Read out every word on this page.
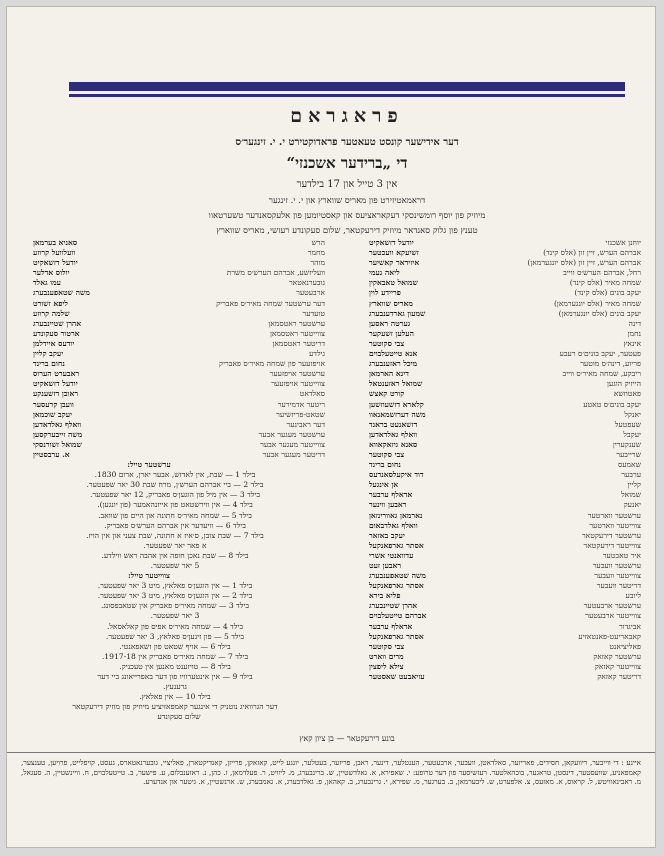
פראגראם
דער אידישער קונסט טעאטער פראדוקטירט י. י. זינגער׳ס
די „ברידער אשכנזי“
אין 3 טייל און 17 בילדער
דראמאטיזירט פון מאריס שווארץ און י. י. זינגער
מיוזיק פון יוסף רומשינסקי דעקאראציעס און קאסטיומען פון אלעקסאנדער טשערטאוו
טענץ פון גלוק סאנדאר מיוזיק דירעקטאר, שלום סעקונדע רעזשי, מאריס שווארץ
יוחנן אשכנזי
יודעל דזשאקיט
אברהם הערש, זיין זון (אלס קינד)
זשיעקא וועכטער
אברהם הערש, זיין זון (אלס יונגערמאן)
איזידאר קאשיער
רחל, אברהם הערש׳ס ווייב
ליאה נעמי
שמחה מאיר (אלס קינד)
שמואל טאבאקין
יעקב בונים (אלס קינד)
פריידע לוין
שמחה מאיר (אלס יונגערמאן)
מאריס שווארץ
יעקב בונים (אלס יונגערמאן)
שמעון גארדענבערג
דינה
גערטה ראסען
נחמן
העלען זשעקער
אינאץ
צבי סקוטער
פעטער, יעקב בונים׳ס רעבע
אנא טייטעלבוים
פריוע, דינה׳ס מוטער
מיכל ראזענבערג
ריבקע, שמחה מאיר׳ס ווייב
דינא הארמאן
הייזיק הוגען
שמואל ראזענטאל
פאטוזשא
קורט קאצש
יעקב בונים׳ס טאטע
קלארא דזשעוזשען
יאנקל
משה דערזשמאנאוו
שעפטעל
דזשאנעט בראנד
יעקבל
וואלף גאלדאדען
שענקערין
סאנא גיזאקאווא
שרייבער
צבי סקוטער
שאמעס
נחום ברינד
ערבער
דוד איקעלסאנדעס
קליין
אן אינגעל
שמואל
אדאלף ערבער
יאנעק
ראבען ווינער
ערשטער ווארטער
נארמאן גאוורינזאן
צווייטער ווארטער
וואלף גאלדבאום
ערשטער דירעקטאר
יעקב באזאר
צווייטער דירעקטאר
אסתר גארפאנקעל
איר טאכטער
עדוואנטי אשרי
ערשטער וועבער
ראבען זעט
צווייטער וועבער
משה שטאפענבערג
דריטער וועבער
אסתר גארפאנקעל
ליובע
פליא בירא
ערשטער ארבעטער
אהרן שטיינבערג
צווייטער ארבעטער
אברהם טייטעלבוים
אביגדור
אדאלף ערבער
קאבאריעט-פאנטאזיע
אסתר גארפאנקעל
פאליציאנט
צבי סקוטער
ערשטער קאזאק
מרים ווארט
צווייטער קאזאק
צילא ליפצין
דריטער קאזאק
עזיאבעט שאסטער
הרש
סאניא בערמאן
מחמר
וועלוועל קרוזע
מוהר
יודעל דזשאקיט
וועליזשע, אברהם הערש׳ס משרת
יולוס אדלער
גובערנאטאר
עמו גאלד
ארבעטער
משה שטאפענבערג
דער ערשטער שמחה מאיר׳ס פאבריק
ליפא זשורט
טועדער
שלמה קרוזע
ערשטער ראטסמאן
אהרן שטיינבערג
צווייטער ראטסמאן
ארטור סעקונדע
דריטער ראטסמאן
יודעס איידלמן
גילדע
יעקב קליין
אויפזעער פון שמחה מאיר׳ס פאבריק
נחום ברינד
ערשטער אויפזעער
ראבערט הערוס
צווייטער אויפזעער
יודעל דזשאקיט
סאלדאט
ראובן דזשענקע
ריטער אדמירער
וועבן קרעסער
שטאט-פריזשיער
יעקב שוכמאן
דער ראבינער
וואלף גאלדאדען
ערשטער מעגער אבער
משה זייבערקסען
צווייטער מעגער אבער
שמואל זשורנסקי
דריטער מעגער אבער
א. ערבסטיין
ערשטער טייל:
בילד 1 — שבת, אין לאדזש, אבער יארן, ארום 1830.
בילד 2 — ביי אברהם הערש׳ן, מרח שבת 30 יאר שפעטער.
בילד 3 — אין מיל פון הוגען׳ס פאבריק, 12 יאר שפעטער.
בילד 4 — אין ווירשטאט פון אייזנהאמער (פון יונגען).
בילד 5 — שמחה מאיר׳ס חתונה און היים פון שוואב.
בילד 6 — וויעדער אין אברהם הערש׳ס פאבריק.
בילד 7 — שבת צובן, ס׳איז א חתונה, שבת צעני און אין הויז.
א פאר יאר שפעטער.
בילד 8 — שבת נאכן חופה אין אהבה ראש ווילדע.
5 יאר שפעטער.
צווייטער טייל:
בילד 1 — אין הוגען׳ס פאלאץ, מיט 3 יאר שפעטער.
בילד 2 — אין הוגען׳ס פאלאץ, מיט 3 יאר שפעטער.
בילד 3 — שמחה מאיר׳ס פאבריק אין שטאבפסונג.
3 יאר שפעטער.
בילד 4 — שמחה מאיר׳ס אפיס פון קאלאסאל.
בילד 5 — פון זינען׳ס פאלאץ, 3 יאר שפעטער.
בילד 6 — אויף שטאט פון זשאפאנטי.
בילד 7 — שמחה מאיר׳ס פאבריק אין 1917-18.
בילד 8 — טויזענט מאנען אין טעכניק.
בילד 9 — אין אינטערוויו פון דער באפרייאונג ביי דער
גרענעץ.
בילד 10 — אין פאלאץ.
דער הגרוואיג נוטניק די אינגער קאמפאזיציע מיוזיק פון מוזיק דירעקטאר
שלום סעקונדע
בונע דירעקטאר — בן ציון קאץ
איינע : די ווייבער, ריוועקאן, חסידים, פאריזער, סאלדאטן, וועבער, ארבעטער, הענטלער, דינער, ראבן, פריזער, בעטלער, יונגע לייט, קאזאקן, פרייזן, קאנדיקטארן, פאליציי, גובערנאטארס, געסט, קויפלייט, פרויען, טענצער, קאמפאניע, שוועסטער, דינסטן, טראגער, בוכהאלטער. רעזשיסער פון דער טרופע: י. שאפירא, א. גאלדשטיין, ש. ברינבערג, מ. ליוויט, ר. פעלדמאן, ז. כהן, נ. ראזענבלום, ע. פישער, ב. טייטעלבוים, ח. וויינשטיין, ה. סעגאל, מ. ראבינאוויטש, ל. קראוס, א. מאזעס, צ. אלפערט, ש. ליבערמאן, ב. בערגער, מ. שפירא, י. גרינבערג, ב. קאהאן, פ. גאלדבערג, א. גאמבערג, ש. ארנשטיין, א. גיטער און אנדערע.
